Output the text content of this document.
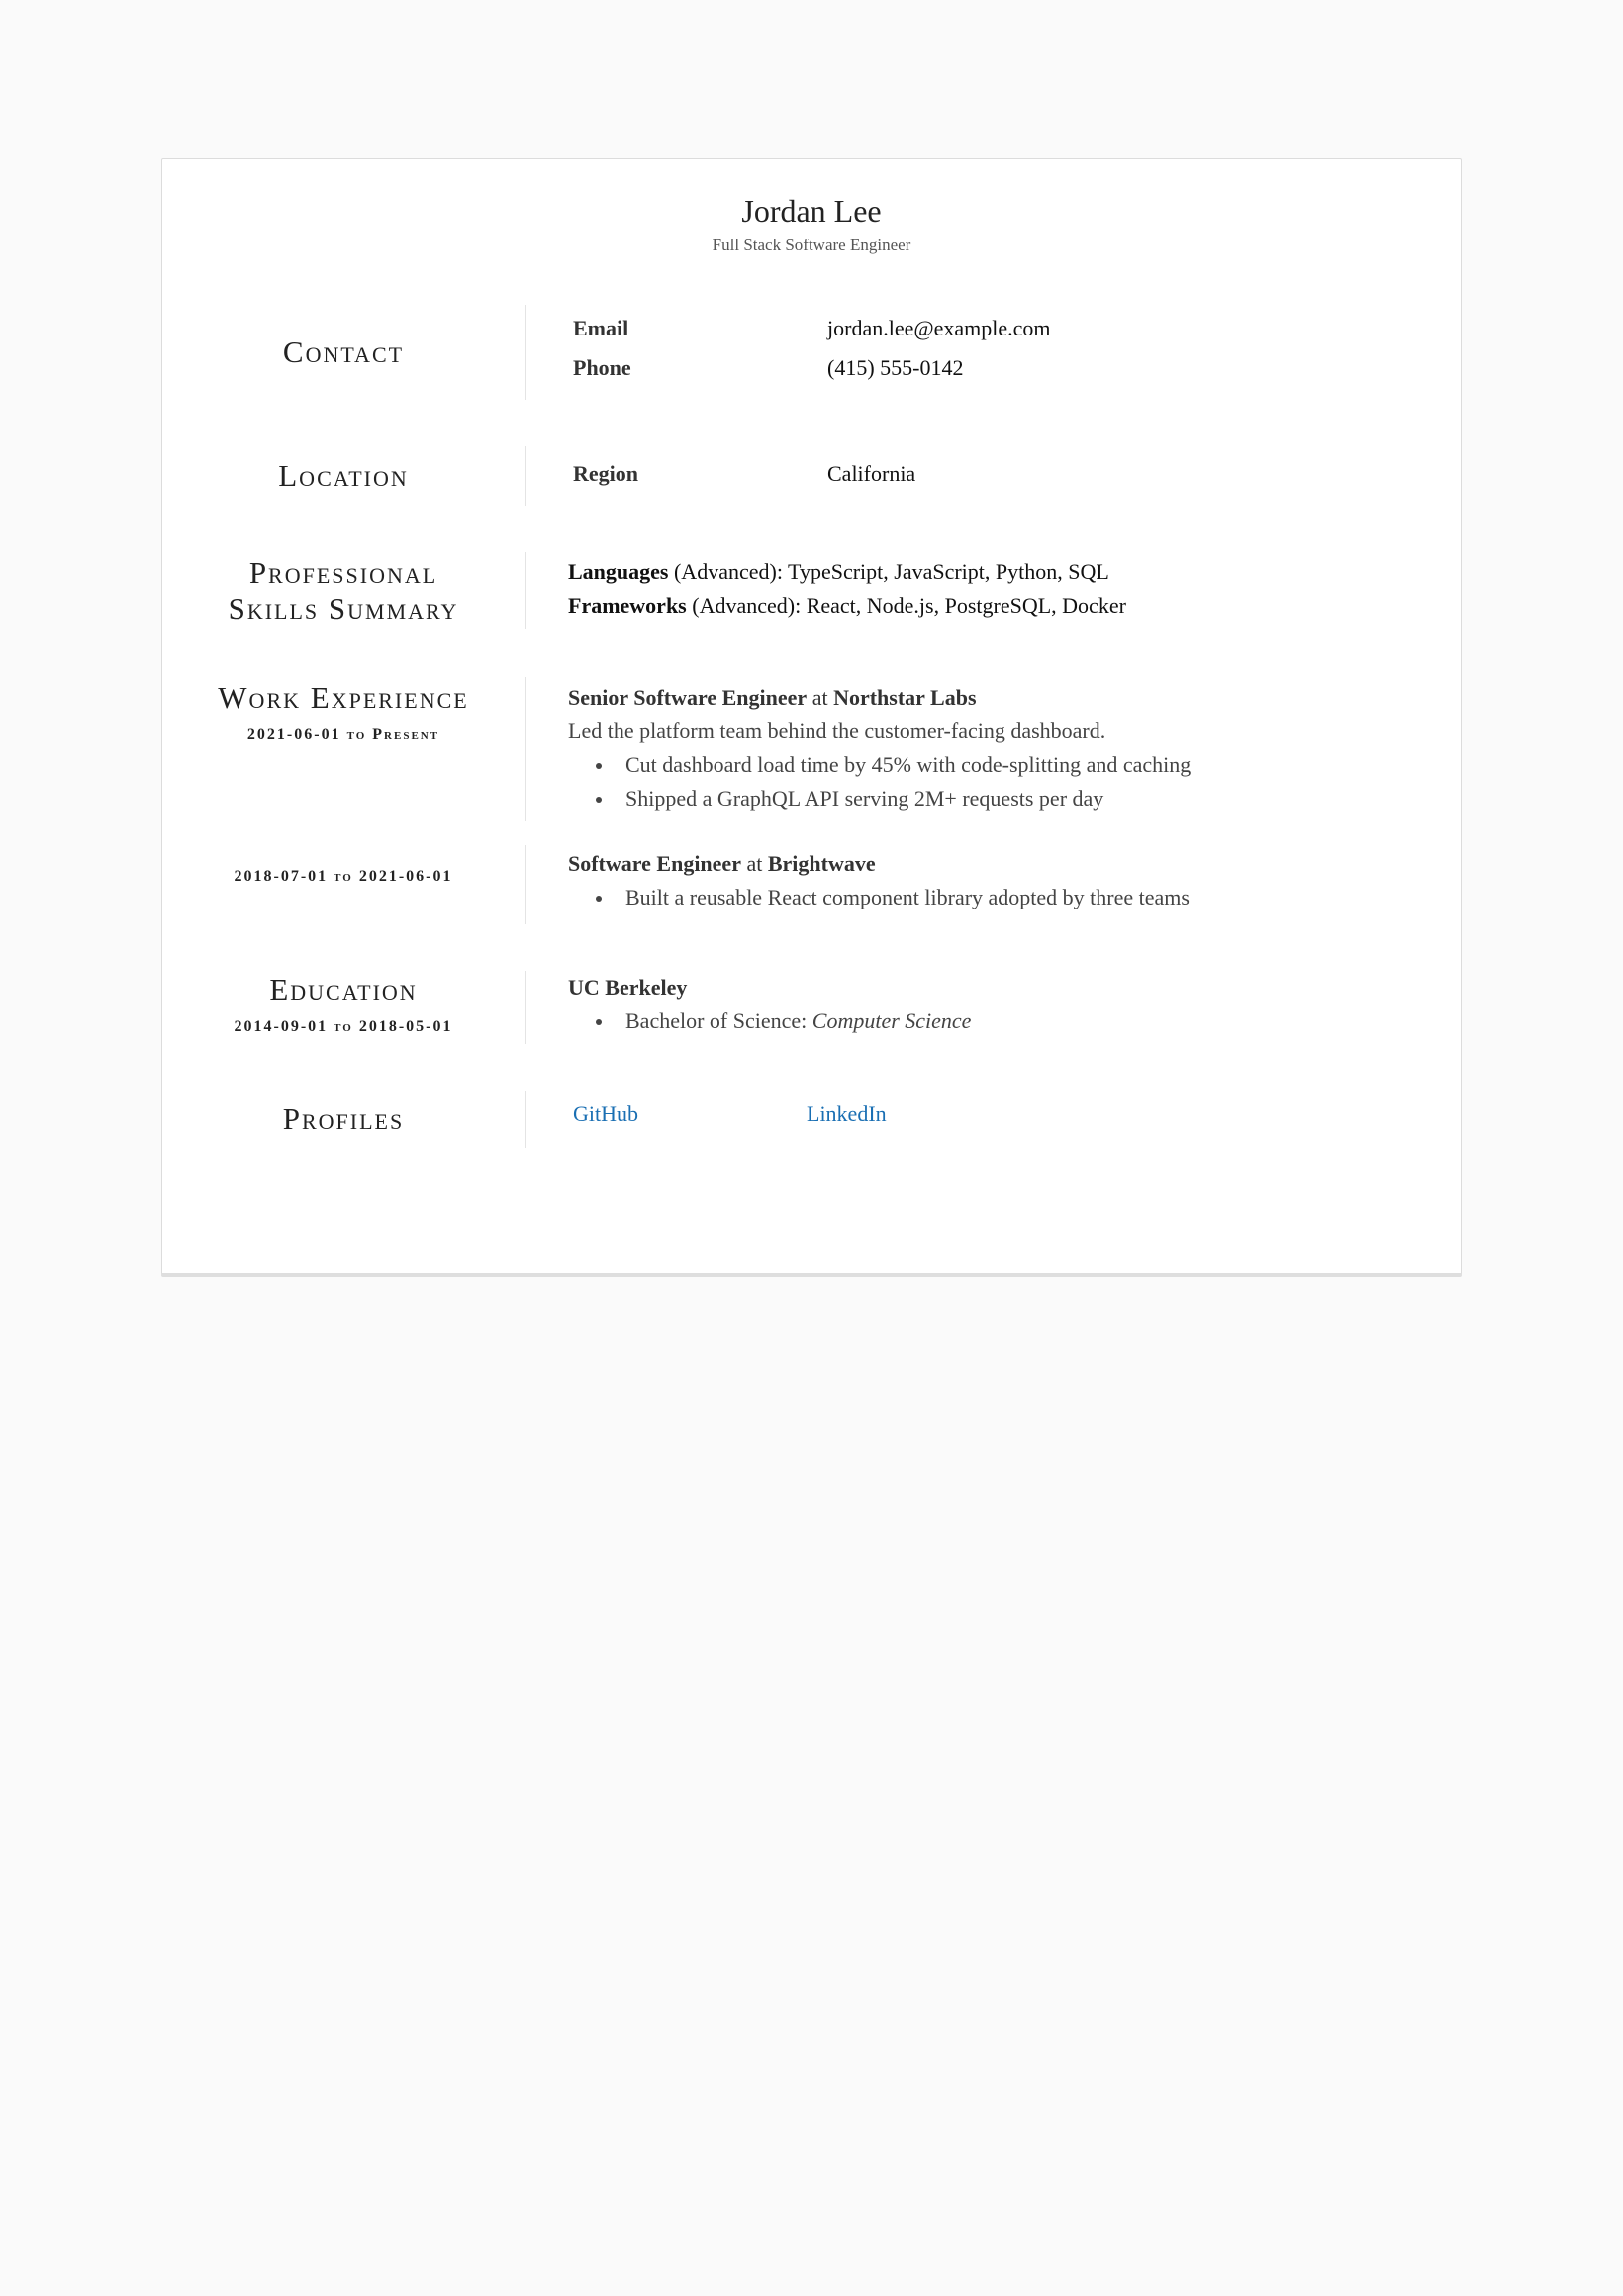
Jordan Lee
Full Stack Software Engineer
Contact
Email	jordan.lee@example.com
Phone	(415) 555-0142
Location	Region	California
Professional
Skills Summary
Languages (Advanced): TypeScript, JavaScript, Python, SQL
Frameworks (Advanced): React, Node.js, PostgreSQL, Docker
Work Experience
2021-06-01 to Present
Senior Software Engineer at Northstar Labs
Led the platform team behind the customer-facing dashboard.
Cut dashboard load time by 45% with code-splitting and caching
Shipped a GraphQL API serving 2M+ requests per day
2018-07-01 to 2021-06-01
Software Engineer at Brightwave
Built a reusable React component library adopted by three teams
Education
2014-09-01 to 2018-05-01
UC Berkeley
Bachelor of Science: Computer Science
Profiles	GitHub	LinkedIn
